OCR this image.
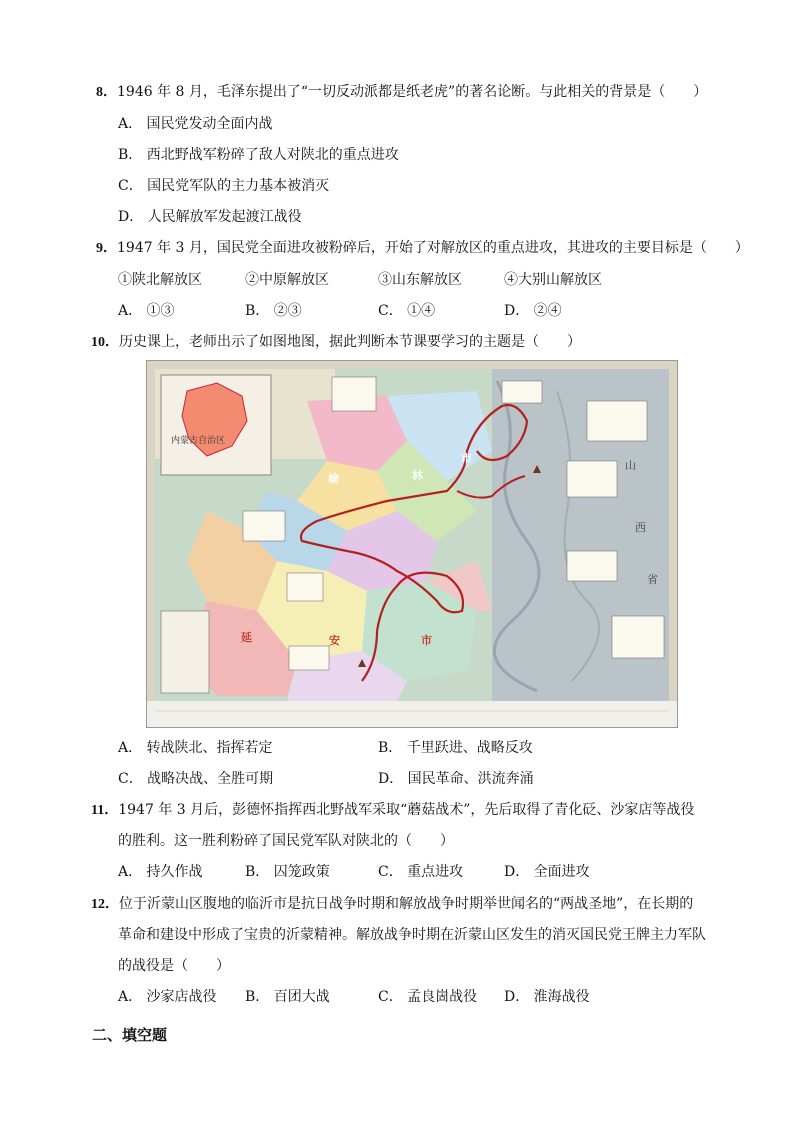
8．1946 年 8 月，毛泽东提出了“一切反动派都是纸老虎”的著名论断。与此相关的背景是（　　）
A． 国民党发动全面内战
B． 西北野战军粉碎了敌人对陕北的重点进攻
C． 国民党军队的主力基本被消灭
D． 人民解放军发起渡江战役
9．1947 年 3 月，国民党全面进攻被粉碎后，开始了对解放区的重点进攻，其进攻的主要目标是（　　）
①陕北解放区	②中原解放区	③山东解放区	④大别山解放区
A． ①③	B． ②③	C． ①④	D． ②④
10．历史课上，老师出示了如图地图，据此判断本节课要学习的主题是（　　）
内蒙古自治区
榆	林
市
延	安	市
山
西
省
A． 转战陕北、指挥若定	B． 千里跃进、战略反攻
C． 战略决战、全胜可期	D． 国民革命、洪流奔涌
11．1947 年 3 月后，彭德怀指挥西北野战军采取“蘑菇战术”，先后取得了青化砭、沙家店等战役
的胜利。这一胜利粉碎了国民党军队对陕北的（　　）
A． 持久作战	B． 囚笼政策	C． 重点进攻	D． 全面进攻
12．位于沂蒙山区腹地的临沂市是抗日战争时期和解放战争时期举世闻名的“两战圣地”，在长期的
革命和建设中形成了宝贵的沂蒙精神。解放战争时期在沂蒙山区发生的消灭国民党王牌主力军队
的战役是（　　）
A． 沙家店战役 B． 百团大战	C． 孟良崮战役 D． 淮海战役
二、填空题
